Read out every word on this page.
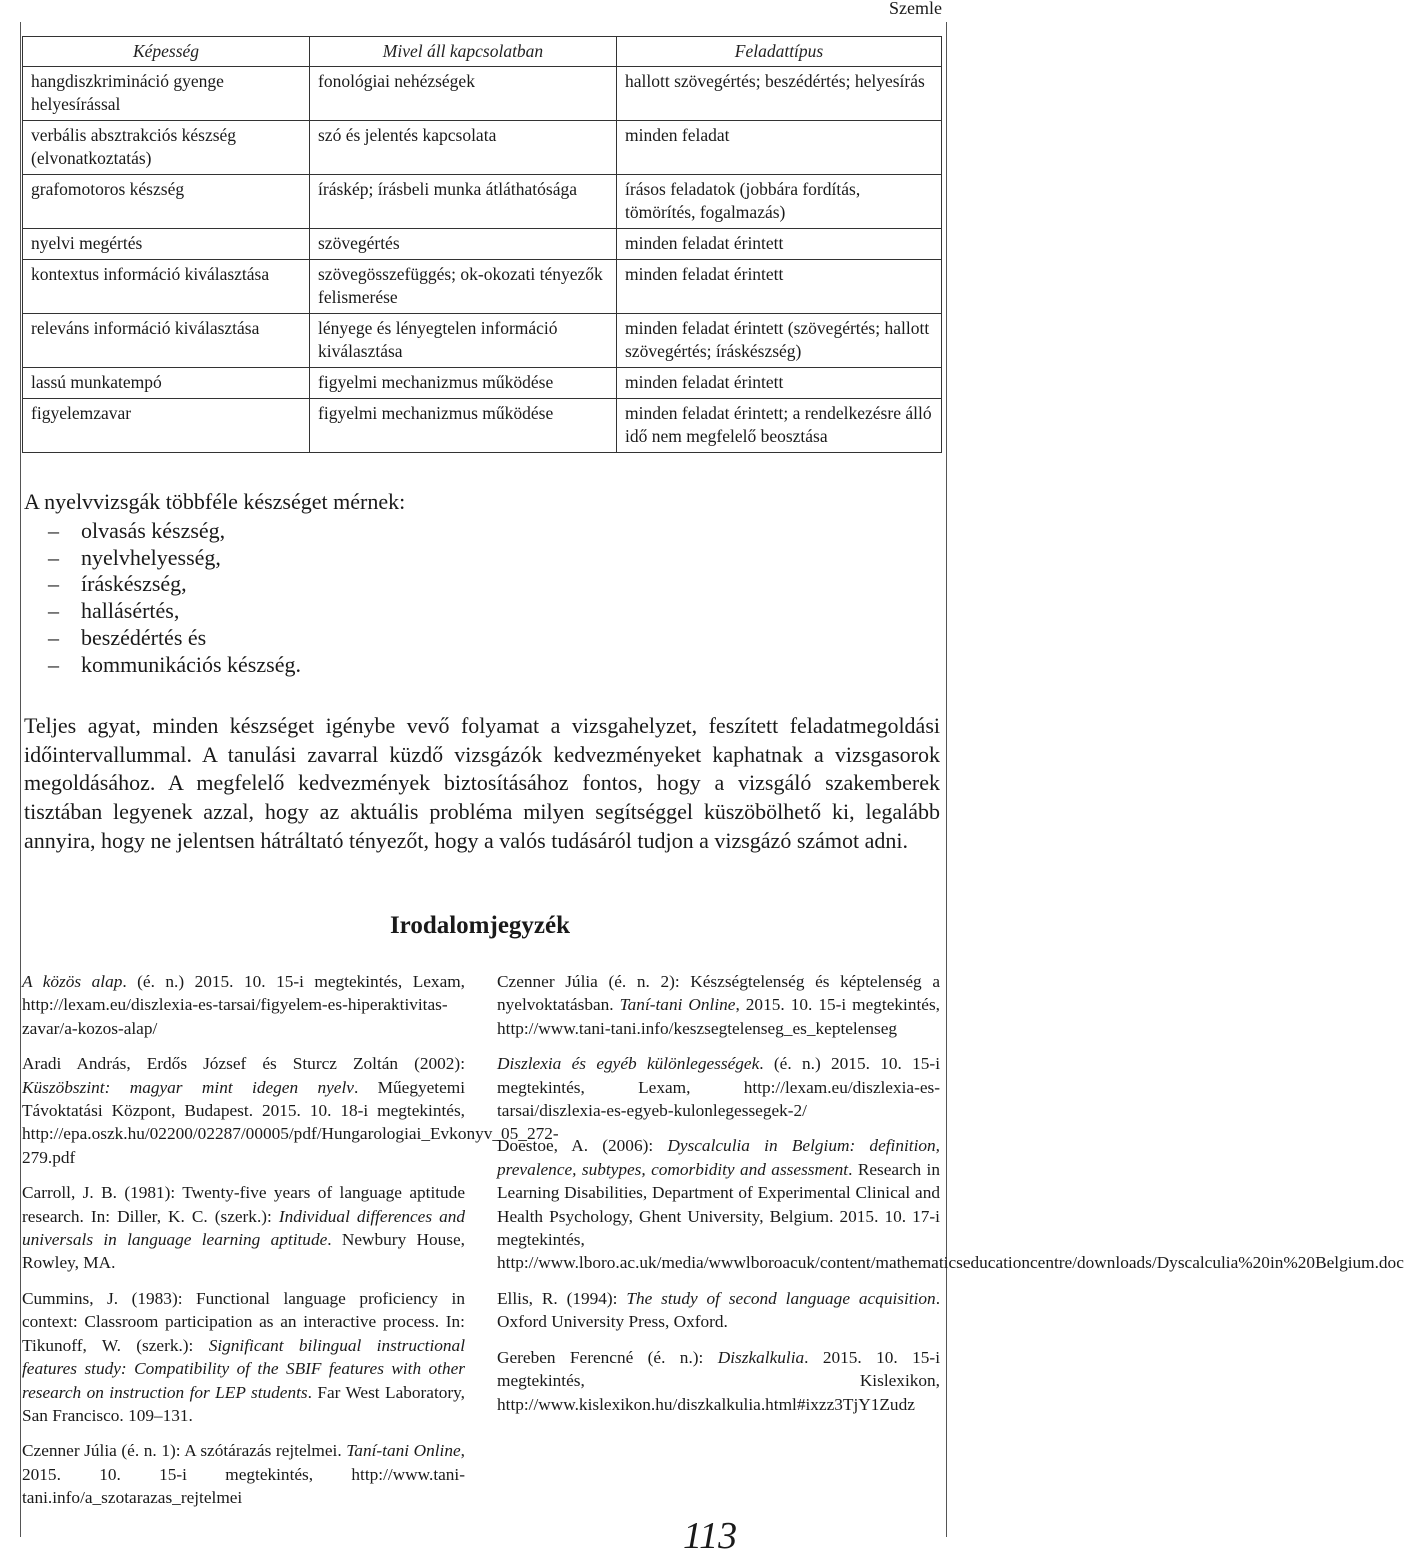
Szemle
Képesség	Mivel áll kapcsolatban	Feladattípus
hangdiszkrimináció gyenge helyesírással	fonológiai nehézségek	hallott szövegértés; beszédértés; helyesírás
verbális absztrakciós készség (elvonatkoztatás)	szó és jelentés kapcsolata	minden feladat
grafomotoros készség	íráskép; írásbeli munka átláthatósága	írásos feladatok (jobbára fordítás, tömörítés, fogalmazás)
nyelvi megértés	szövegértés	minden feladat érintett
kontextus információ kiválasztása	szövegösszefüggés; ok-okozati tényezők felismerése	minden feladat érintett
releváns információ kiválasztása	lényege és lényegtelen információ kiválasztása	minden feladat érintett (szövegértés; hallott szövegértés; íráskészség)
lassú munkatempó	figyelmi mechanizmus működése	minden feladat érintett
figyelemzavar	figyelmi mechanizmus működése	minden feladat érintett; a rendelkezésre álló idő nem megfelelő beosztása
A nyelvvizsgák többféle készséget mérnek:
– olvasás készség,
– nyelvhelyesség,
– íráskészség,
– hallásértés,
– beszédértés és
– kommunikációs készség.

Teljes agyat, minden készséget igénybe vevő folyamat a vizsgahelyzet, feszített feladatmegoldási időintervallummal. A tanulási zavarral küzdő vizsgázók kedvezményeket kaphatnak a vizsgasorok megoldásához. A megfelelő kedvezmények biztosításához fontos, hogy a vizsgáló szakemberek tisztában legyenek azzal, hogy az aktuális probléma milyen segítséggel küszöbölhető ki, legalább annyira, hogy ne jelentsen hátráltató tényezőt, hogy a valós tudásáról tudjon a vizsgázó számot adni.

Irodalomjegyzék

A közös alap. (é. n.) 2015. 10. 15-i megtekintés, Lexam, http://lexam.eu/diszlexia-es-tarsai/figyelem-es-hiperaktivitas-zavar/a-kozos-alap/

Aradi András, Erdős József és Sturcz Zoltán (2002): Küszöbszint: magyar mint idegen nyelv. Műegyetemi Távoktatási Központ, Budapest. 2015. 10. 18-i megtekintés, http://epa.oszk.hu/02200/02287/00005/pdf/Hungarologiai_Evkonyv_05_272-279.pdf

Carroll, J. B. (1981): Twenty-five years of language aptitude research. In: Diller, K. C. (szerk.): Individual differences and universals in language learning aptitude. Newbury House, Rowley, MA.

Cummins, J. (1983): Functional language proficiency in context: Classroom participation as an interactive process. In: Tikunoff, W. (szerk.): Significant bilingual instructional features study: Compatibility of the SBIF features with other research on instruction for LEP students. Far West Laboratory, San Francisco. 109–131.

Czenner Júlia (é. n. 1): A szótárazás rejtelmei. Taní-tani Online, 2015. 10. 15-i megtekintés, http://www.tani-tani.info/a_szotarazas_rejtelmei

Czenner Júlia (é. n. 2): Készségtelenség és képtelenség a nyelvoktatásban. Taní-tani Online, 2015. 10. 15-i megtekintés, http://www.tani-tani.info/keszsegtelenseg_es_keptelenseg

Diszlexia és egyéb különlegességek. (é. n.) 2015. 10. 15-i megtekintés, Lexam, http://lexam.eu/diszlexia-es-tarsai/diszlexia-es-egyeb-kulonlegessegek-2/

Doestoe, A. (2006): Dyscalculia in Belgium: definition, prevalence, subtypes, comorbidity and assessment. Research in Learning Disabilities, Department of Experimental Clinical and Health Psychology, Ghent University, Belgium. 2015. 10. 17-i megtekintés, http://www.lboro.ac.uk/media/wwwlboroacuk/content/mathematicseducationcentre/downloads/Dyscalculia%20in%20Belgium.doc

Ellis, R. (1994): The study of second language acquisition. Oxford University Press, Oxford.

Gereben Ferencné (é. n.): Diszkalkulia. 2015. 10. 15-i megtekintés, Kislexikon, http://www.kislexikon.hu/diszkalkulia.html#ixzz3TjY1Zudz

113
